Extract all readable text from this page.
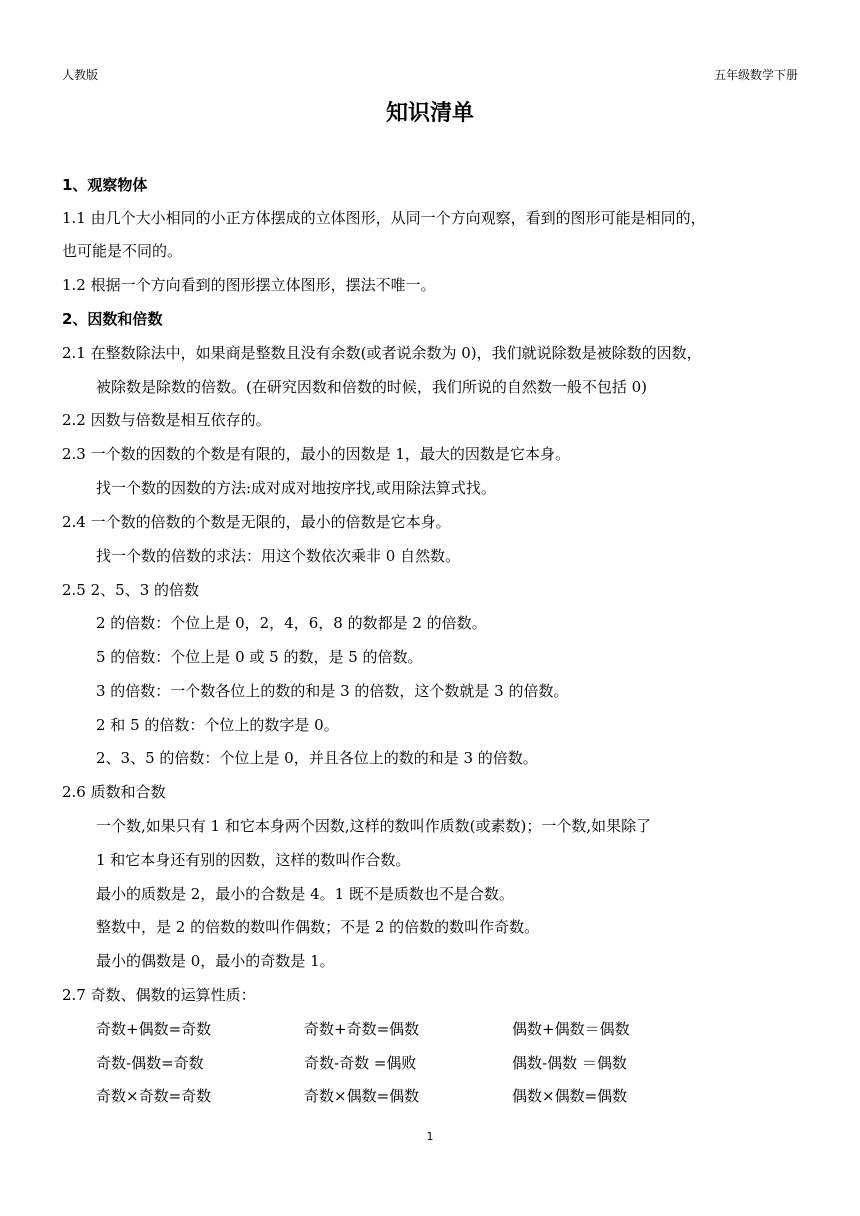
人教版	五年级数学下册
知识清单
1、观察物体
1.1 由几个大小相同的小正方体摆成的立体图形，从同一个方向观察，看到的图形可能是相同的，
也可能是不同的。
1.2 根据一个方向看到的图形摆立体图形，摆法不唯一。
2、因数和倍数
2.1 在整数除法中，如果商是整数且没有余数(或者说余数为 0)，我们就说除数是被除数的因数，
被除数是除数的倍数。(在研究因数和倍数的时候，我们所说的自然数一般不包括 0)
2.2 因数与倍数是相互依存的。
2.3 一个数的因数的个数是有限的，最小的因数是 1，最大的因数是它本身。
找一个数的因数的方法:成对成对地按序找,或用除法算式找。
2.4 一个数的倍数的个数是无限的，最小的倍数是它本身。
找一个数的倍数的求法：用这个数依次乘非 0 自然数。
2.5 2、5、3 的倍数
2 的倍数：个位上是 0，2，4，6，8 的数都是 2 的倍数。
5 的倍数：个位上是 0 或 5 的数，是 5 的倍数。
3 的倍数：一个数各位上的数的和是 3 的倍数，这个数就是 3 的倍数。
2 和 5 的倍数：个位上的数字是 0。
2、3、5 的倍数：个位上是 0，并且各位上的数的和是 3 的倍数。
2.6 质数和合数
一个数,如果只有 1 和它本身两个因数,这样的数叫作质数(或素数)；一个数,如果除了
1 和它本身还有别的因数，这样的数叫作合数。
最小的质数是 2，最小的合数是 4。1 既不是质数也不是合数。
整数中，是 2 的倍数的数叫作偶数；不是 2 的倍数的数叫作奇数。
最小的偶数是 0，最小的奇数是 1。
2.7 奇数、偶数的运算性质：
奇数+偶数=奇数	奇数+奇数=偶数	偶数+偶数＝偶数
奇数-偶数=奇数	奇数-奇数 =偶败	偶数-偶数 ＝偶数
奇数×奇数=奇数	奇数×偶数=偶数	偶数×偶数=偶数
1
